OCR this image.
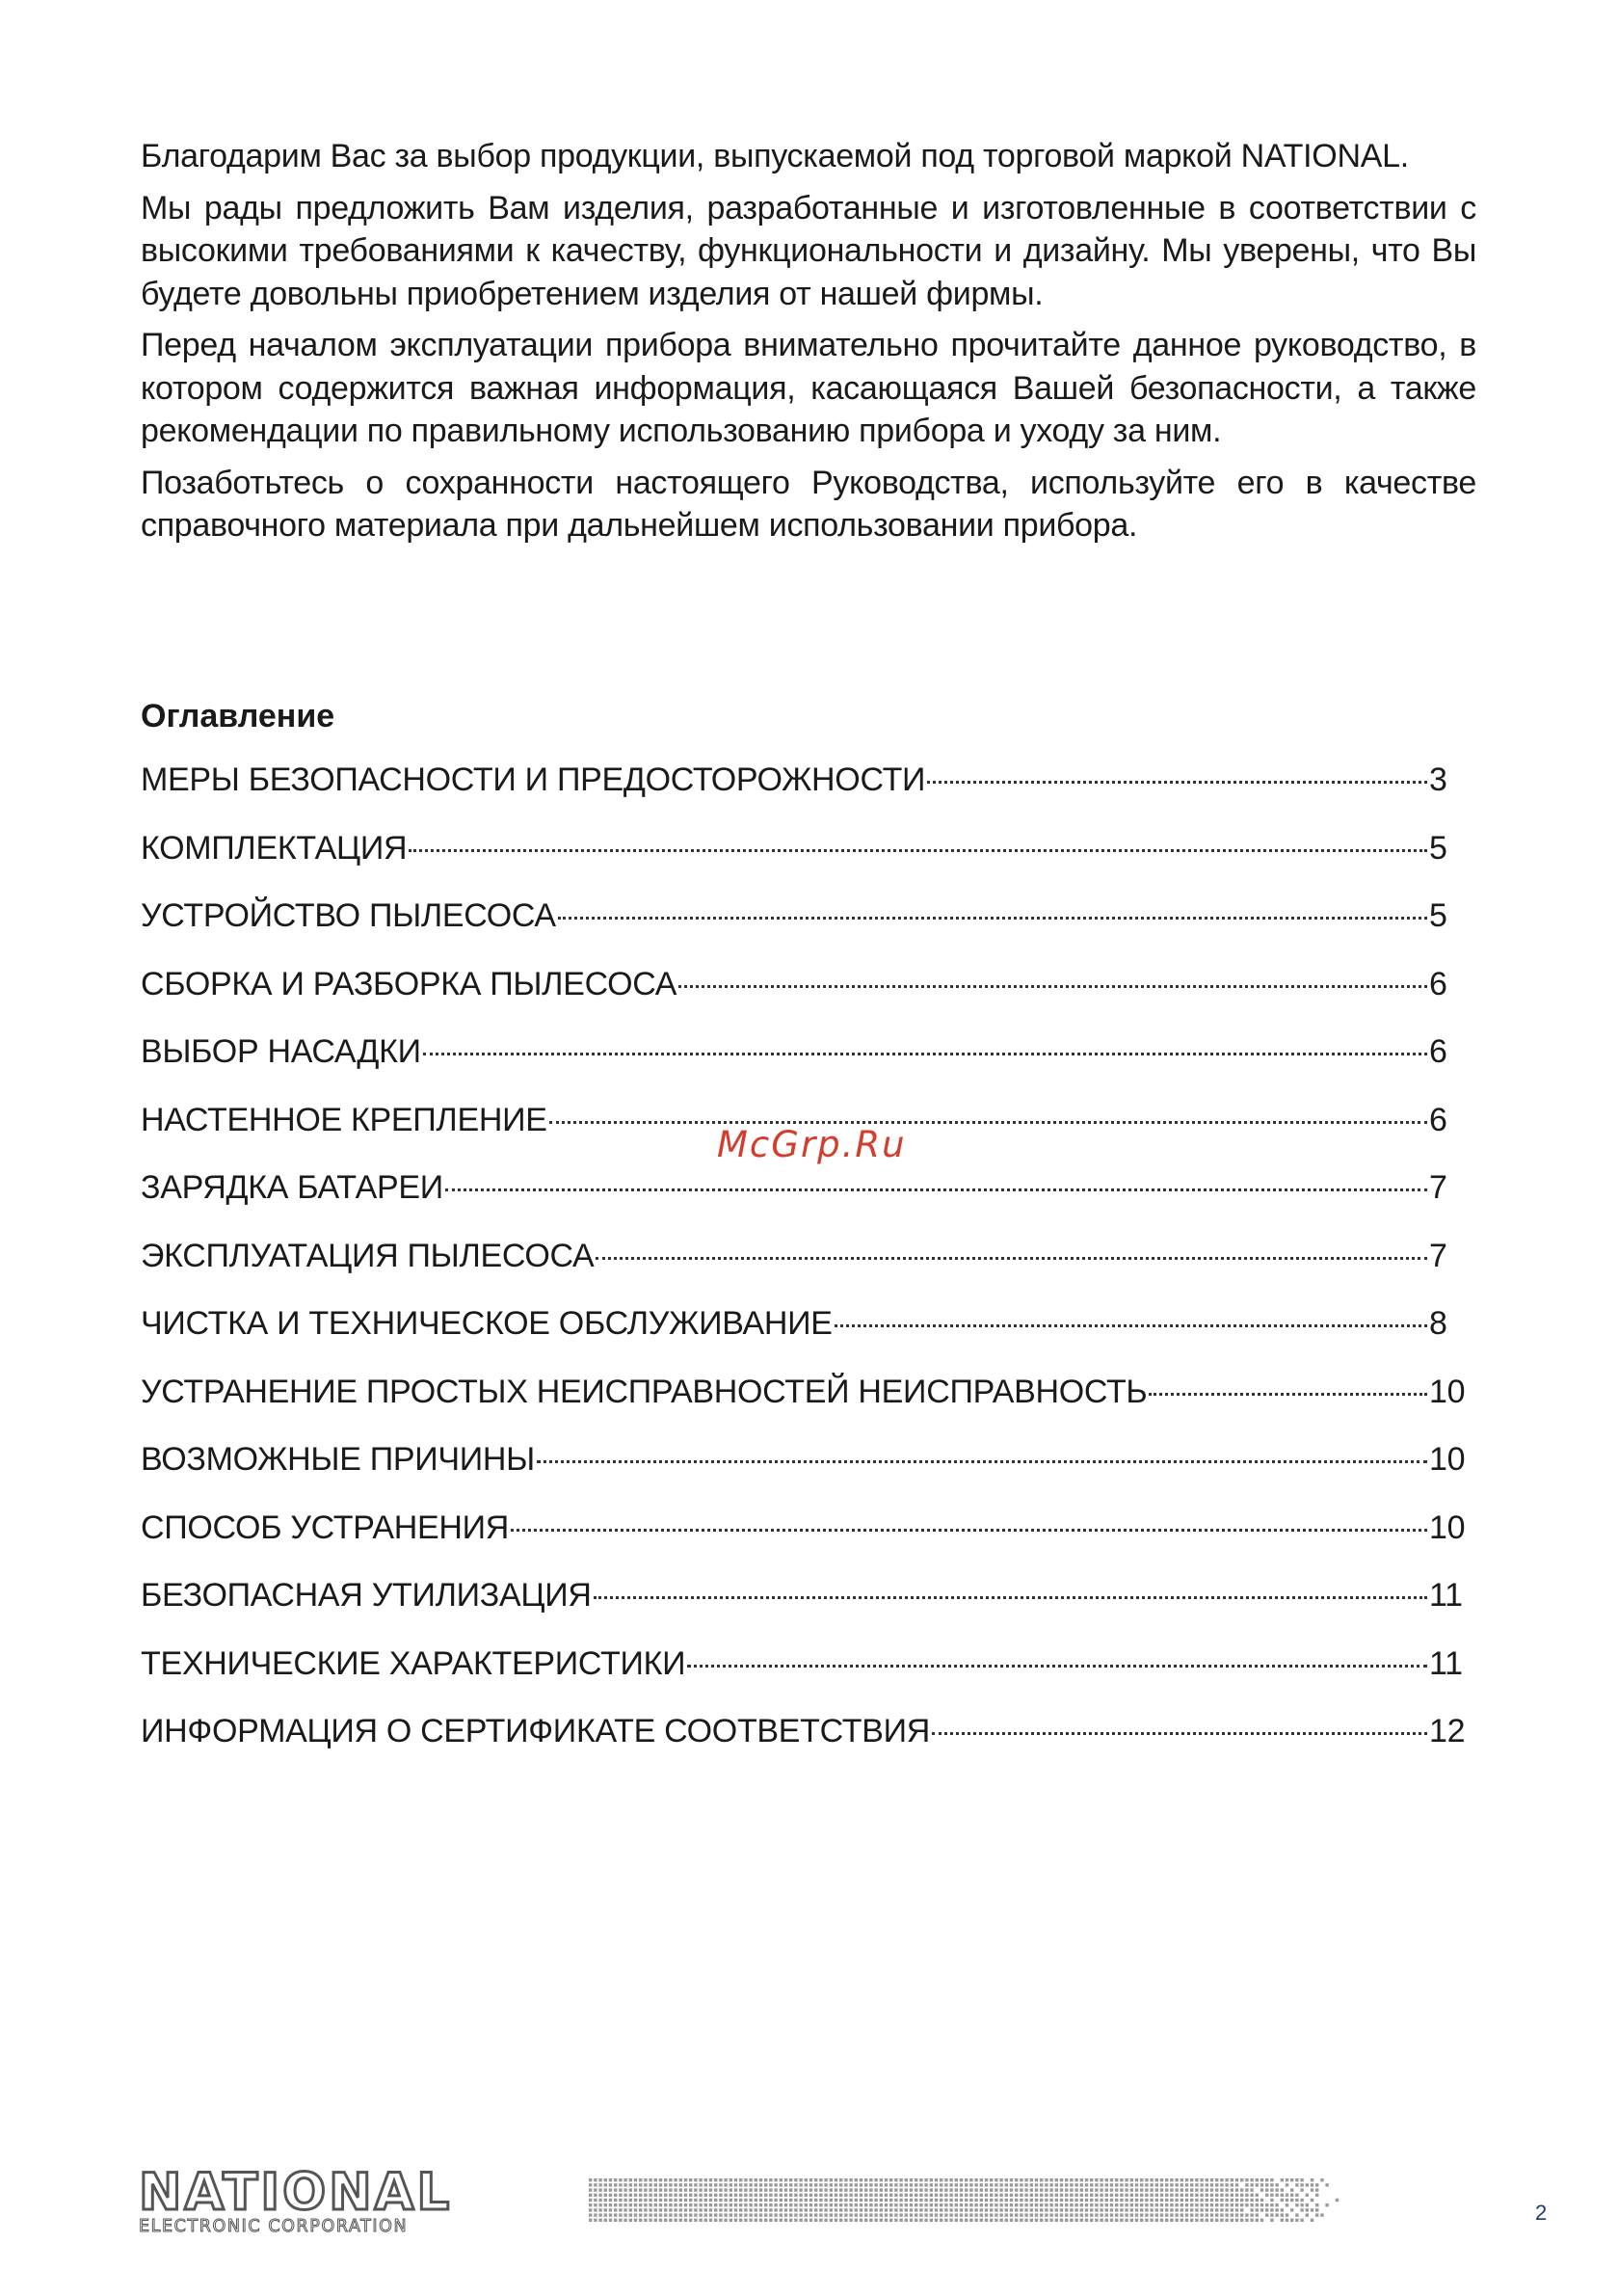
Благодарим Вас за выбор продукции, выпускаемой под торговой маркой NATIONAL.

Мы рады предложить Вам изделия, разработанные и изготовленные в соответствии с высокими требованиями к качеству, функциональности и дизайну. Мы уверены, что Вы будете довольны приобретением изделия от нашей фирмы.

Перед началом эксплуатации прибора внимательно прочитайте данное руководство, в котором содержится важная информация, касающаяся Вашей безопасности, а также рекомендации по правильному использованию прибора и уходу за ним.

Позаботьтесь о сохранности настоящего Руководства, используйте его в качестве справочного материала при дальнейшем использовании прибора.

Оглавление
МЕРЫ БЕЗОПАСНОСТИ И ПРЕДОСТОРОЖНОСТИ	3
КОМПЛЕКТАЦИЯ	5
УСТРОЙСТВО ПЫЛЕСОСА	5
СБОРКА И РАЗБОРКА ПЫЛЕСОСА	6
ВЫБОР НАСАДКИ	6
НАСТЕННОЕ КРЕПЛЕНИЕ	6
ЗАРЯДКА БАТАРЕИ	7
ЭКСПЛУАТАЦИЯ ПЫЛЕСОСА	7
ЧИСТКА И ТЕХНИЧЕСКОЕ ОБСЛУЖИВАНИЕ	8
УСТРАНЕНИЕ ПРОСТЫХ НЕИСПРАВНОСТЕЙ НЕИСПРАВНОСТЬ	10
ВОЗМОЖНЫЕ ПРИЧИНЫ	10
СПОСОБ УСТРАНЕНИЯ	10
БЕЗОПАСНАЯ УТИЛИЗАЦИЯ	11
ТЕХНИЧЕСКИЕ ХАРАКТЕРИСТИКИ	11
ИНФОРМАЦИЯ О СЕРТИФИКАТЕ СООТВЕТСТВИЯ	12
McGrp.Ru
NATIONAL
ELECTRONIC CORPORATION
2
